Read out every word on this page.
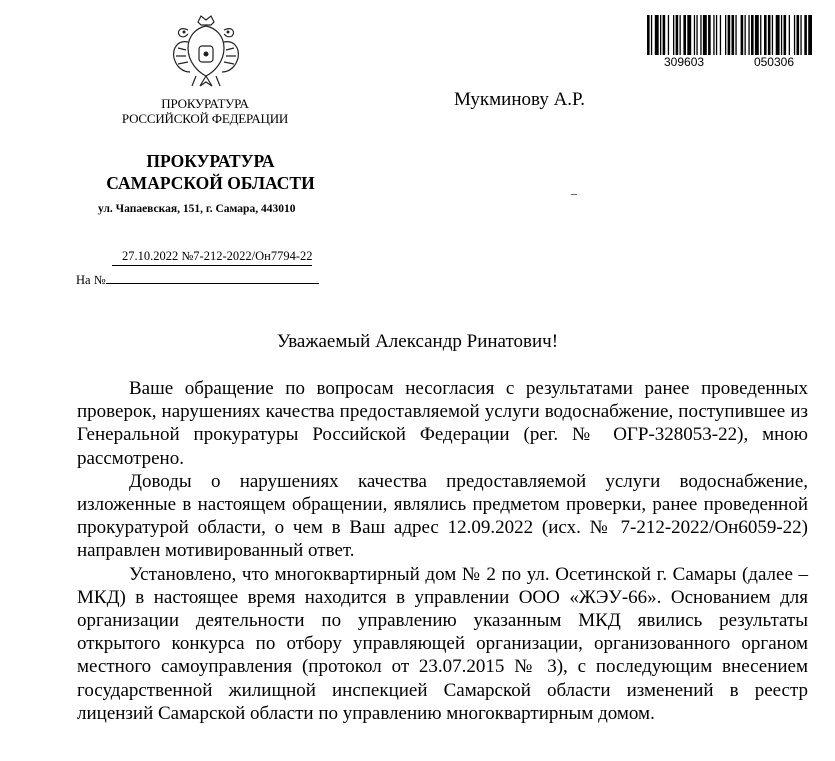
ПРОКУРАТУРА
РОССИЙСКОЙ ФЕДЕРАЦИИ
ПРОКУРАТУРА
САМАРСКОЙ ОБЛАСТИ
ул. Чапаевская, 151, г. Самара, 443010
27.10.2022 №7-212-2022/Он7794-22
На №
Мукминову А.Р.
_
309603	050306
Уважаемый Александр Ринатович!

Ваше обращение по вопросам несогласия с результатами ранее проведенных проверок, нарушениях качества предоставляемой услуги водоснабжение, поступившее из Генеральной прокуратуры Российской Федерации (рег. № ОГР-328053-22), мною рассмотрено.

Доводы о нарушениях качества предоставляемой услуги водоснабжение, изложенные в настоящем обращении, являлись предметом проверки, ранее проведенной прокуратурой области, о чем в Ваш адрес 12.09.2022 (исх. № 7-212-2022/Он6059-22) направлен мотивированный ответ.

Установлено, что многоквартирный дом № 2 по ул. Осетинской г. Самары (далее – МКД) в настоящее время находится в управлении ООО «ЖЭУ-66». Основанием для организации деятельности по управлению указанным МКД явились результаты открытого конкурса по отбору управляющей организации, организованного органом местного самоуправления (протокол от 23.07.2015 № 3), с последующим внесением государственной жилищной инспекцией Самарской области изменений в реестр лицензий Самарской области по управлению многоквартирным домом.
